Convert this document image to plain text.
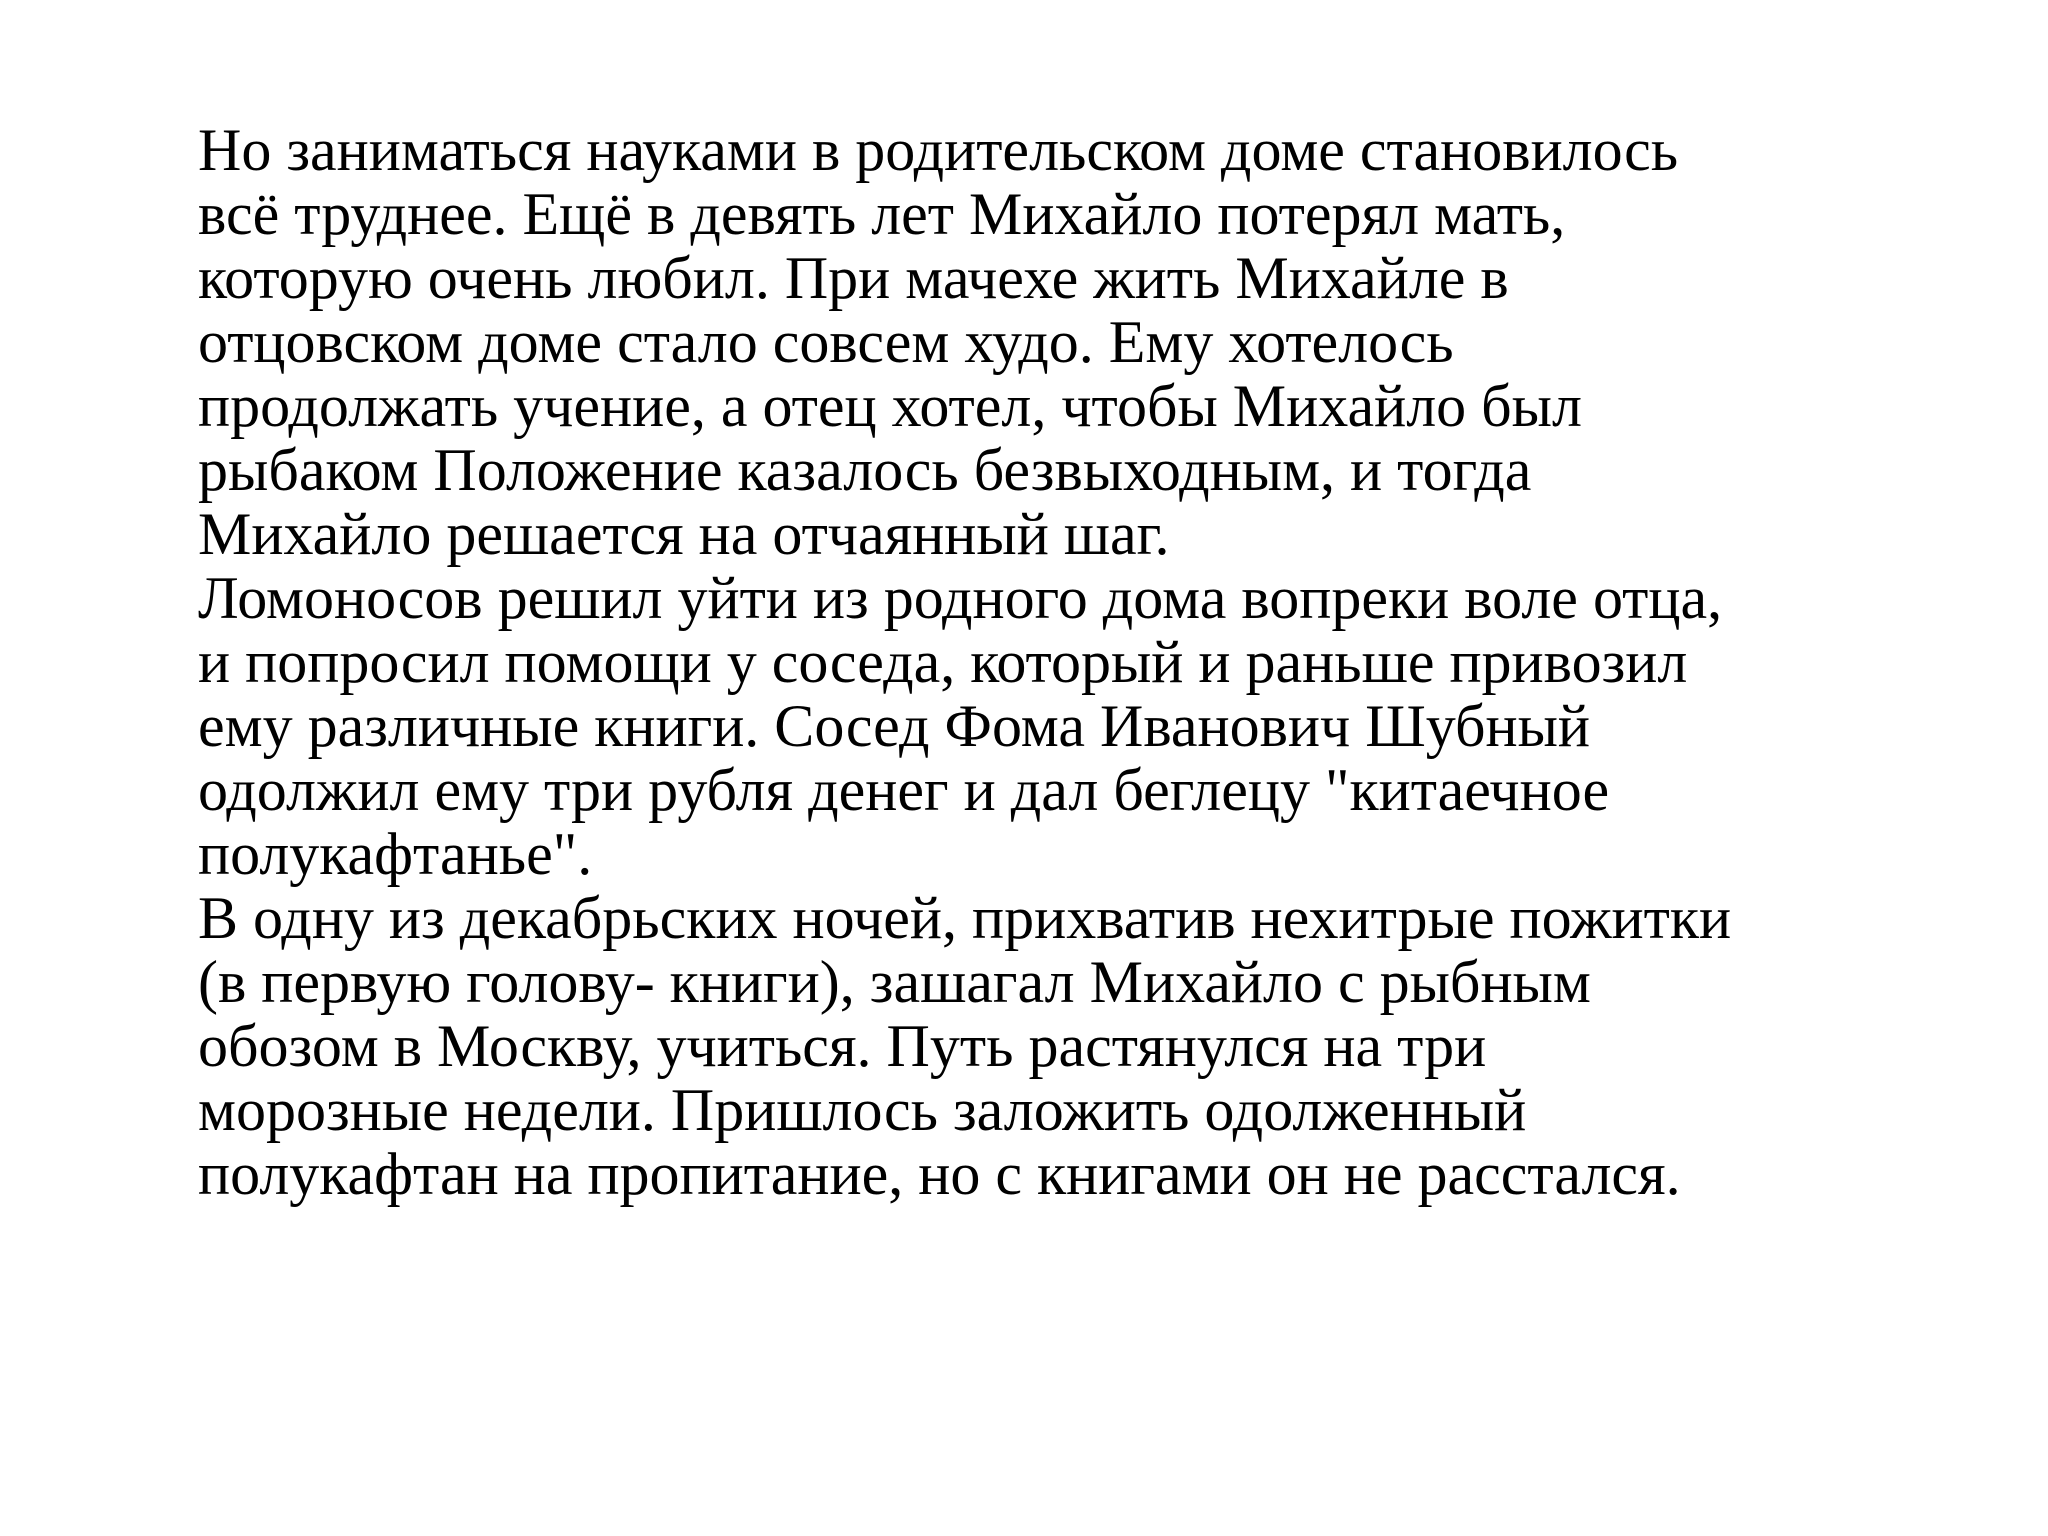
Но заниматься науками в родительском доме становилось
всё труднее. Ещё в девять лет Михайло потерял мать,
которую очень любил. При мачехе жить Михайле в
отцовском доме стало совсем худо. Ему хотелось
продолжать учение, а отец хотел, чтобы Михайло был
рыбаком Положение казалось безвыходным, и тогда
Михайло решается на отчаянный шаг.
Ломоносов решил уйти из родного дома вопреки воле отца,
и попросил помощи у соседа, который и раньше привозил
ему различные книги. Сосед Фома Иванович Шубный
одолжил ему три рубля денег и дал беглецу "китаечное
полукафтанье".
В одну из декабрьских ночей, прихватив нехитрые пожитки
(в первую голову- книги), зашагал Михайло с рыбным
обозом в Москву, учиться. Путь растянулся на три
морозные недели. Пришлось заложить одолженный
полукафтан на пропитание, но с книгами он не расстался.
